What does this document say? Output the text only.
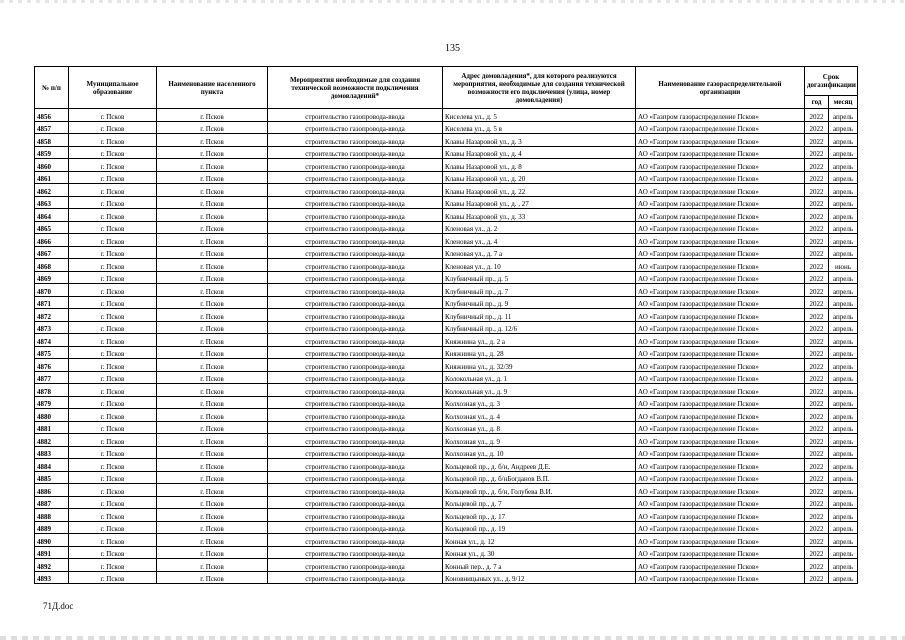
135
№ п/п	Муниципальное образование	Наименование населенного пункта	Мероприятия необходимые для создания технической возможности подключения домовладений*	Адрес домовладения*, для которого реализуются мероприятия, необходимые для создания технической возможности его подключения (улица, номер домовладения)	Наименование газораспределительной организации	Срок догазификации	
						год	месяц
4856	г. Псков	г. Псков	строительство газопровода-ввода	Киселева ул., д. 5	АО «Газпром газораспределение Псков»	2022	апрель
4857	г. Псков	г. Псков	строительство газопровода-ввода	Киселева ул., д. 5 в	АО «Газпром газораспределение Псков»	2022	апрель
4858	г. Псков	г. Псков	строительство газопровода-ввода	Клавы Назаровой ул., д. 3	АО «Газпром газораспределение Псков»	2022	апрель
4859	г. Псков	г. Псков	строительство газопровода-ввода	Клавы Назаровой ул., д. 4	АО «Газпром газораспределение Псков»	2022	апрель
4860	г. Псков	г. Псков	строительство газопровода-ввода	Клавы Назаровой ул., д. 8	АО «Газпром газораспределение Псков»	2022	апрель
4861	г. Псков	г. Псков	строительство газопровода-ввода	Клавы Назаровой ул., д. 20	АО «Газпром газораспределение Псков»	2022	апрель
4862	г. Псков	г. Псков	строительство газопровода-ввода	Клавы Назаровой ул., д. 22	АО «Газпром газораспределение Псков»	2022	апрель
4863	г. Псков	г. Псков	строительство газопровода-ввода	Клавы Назаровой ул., д. , 27	АО «Газпром газораспределение Псков»	2022	апрель
4864	г. Псков	г. Псков	строительство газопровода-ввода	Клавы Назаровой ул., д. 33	АО «Газпром газораспределение Псков»	2022	апрель
4865	г. Псков	г. Псков	строительство газопровода-ввода	Кленовая ул., д. 2	АО «Газпром газораспределение Псков»	2022	апрель
4866	г. Псков	г. Псков	строительство газопровода-ввода	Кленовая ул., д. 4	АО «Газпром газораспределение Псков»	2022	апрель
4867	г. Псков	г. Псков	строительство газопровода-ввода	Кленовая ул., д. 7 а	АО «Газпром газораспределение Псков»	2022	апрель
4868	г. Псков	г. Псков	строительство газопровода-ввода	Кленовая ул., д. 10	АО «Газпром газораспределение Псков»	2022	июнь
4869	г. Псков	г. Псков	строительство газопровода-ввода	Клубничный пр., д. 5	АО «Газпром газораспределение Псков»	2022	апрель
4870	г. Псков	г. Псков	строительство газопровода-ввода	Клубничный пр., д. 7	АО «Газпром газораспределение Псков»	2022	апрель
4871	г. Псков	г. Псков	строительство газопровода-ввода	Клубничный пр., д. 9	АО «Газпром газораспределение Псков»	2022	апрель
4872	г. Псков	г. Псков	строительство газопровода-ввода	Клубничный пр., д. 11	АО «Газпром газораспределение Псков»	2022	апрель
4873	г. Псков	г. Псков	строительство газопровода-ввода	Клубничный пр., д. 12/6	АО «Газпром газораспределение Псков»	2022	апрель
4874	г. Псков	г. Псков	строительство газопровода-ввода	Княжнина ул., д. 2 а	АО «Газпром газораспределение Псков»	2022	апрель
4875	г. Псков	г. Псков	строительство газопровода-ввода	Княжнина ул., д. 28	АО «Газпром газораспределение Псков»	2022	апрель
4876	г. Псков	г. Псков	строительство газопровода-ввода	Княжнина ул., д. 32/39	АО «Газпром газораспределение Псков»	2022	апрель
4877	г. Псков	г. Псков	строительство газопровода-ввода	Колокольная ул., д. 1	АО «Газпром газораспределение Псков»	2022	апрель
4878	г. Псков	г. Псков	строительство газопровода-ввода	Колокольная ул., д. 9	АО «Газпром газораспределение Псков»	2022	апрель
4879	г. Псков	г. Псков	строительство газопровода-ввода	Колхозная ул., д. 3	АО «Газпром газораспределение Псков»	2022	апрель
4880	г. Псков	г. Псков	строительство газопровода-ввода	Колхозная ул., д. 4	АО «Газпром газораспределение Псков»	2022	апрель
4881	г. Псков	г. Псков	строительство газопровода-ввода	Колхозная ул., д. 8	АО «Газпром газораспределение Псков»	2022	апрель
4882	г. Псков	г. Псков	строительство газопровода-ввода	Колхозная ул., д. 9	АО «Газпром газораспределение Псков»	2022	апрель
4883	г. Псков	г. Псков	строительство газопровода-ввода	Колхозная ул., д. 10	АО «Газпром газораспределение Псков»	2022	апрель
4884	г. Псков	г. Псков	строительство газопровода-ввода	Кольцевой пр., д. б/н, Андреев Д.Е.	АО «Газпром газораспределение Псков»	2022	апрель
4885	г. Псков	г. Псков	строительство газопровода-ввода	Кольцевой пр., д. б/нБогданов В.П.	АО «Газпром газораспределение Псков»	2022	апрель
4886	г. Псков	г. Псков	строительство газопровода-ввода	Кольцевой пр., д. б/н, Голубева В.И.	АО «Газпром газораспределение Псков»	2022	апрель
4887	г. Псков	г. Псков	строительство газопровода-ввода	Кольцевой пр., д. 7	АО «Газпром газораспределение Псков»	2022	апрель
4888	г. Псков	г. Псков	строительство газопровода-ввода	Кольцевой пр., д. 17	АО «Газпром газораспределение Псков»	2022	апрель
4889	г. Псков	г. Псков	строительство газопровода-ввода	Кольцевой пр., д. 19	АО «Газпром газораспределение Псков»	2022	апрель
4890	г. Псков	г. Псков	строительство газопровода-ввода	Конная ул., д. 12	АО «Газпром газораспределение Псков»	2022	апрель
4891	г. Псков	г. Псков	строительство газопровода-ввода	Конная ул., д. 30	АО «Газпром газораспределение Псков»	2022	апрель
4892	г. Псков	г. Псков	строительство газопровода-ввода	Конный пер., д. 7 а	АО «Газпром газораспределение Псков»	2022	апрель
4893	г. Псков	г. Псков	строительство газопровода-ввода	Коновницыных ул., д. 9/12	АО «Газпром газораспределение Псков»	2022	апрель
71Д.doc
